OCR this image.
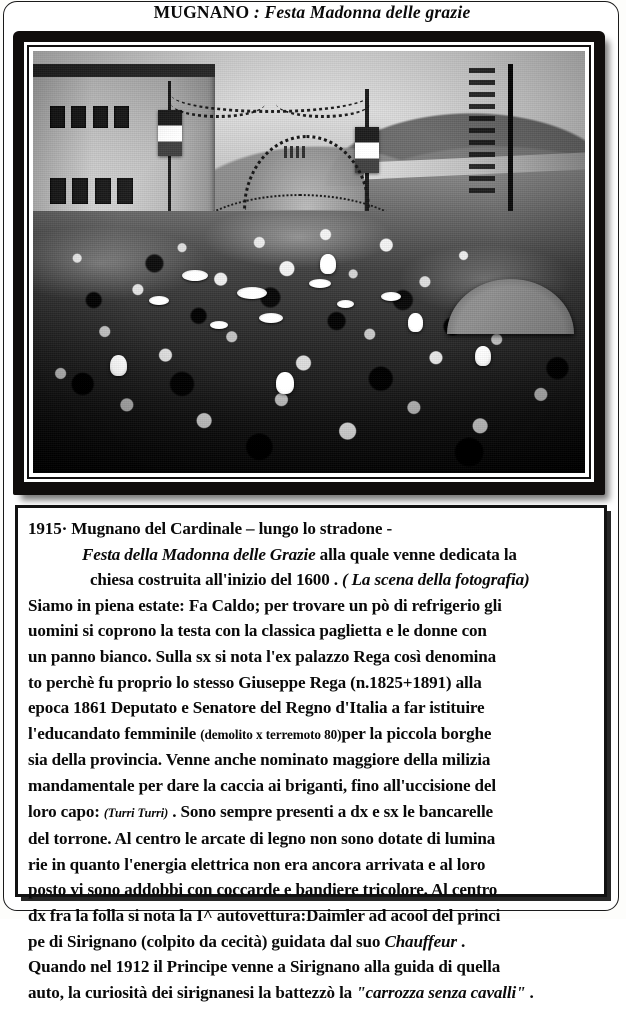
MUGNANO : Festa Madonna delle grazie
1915· Mugnano del Cardinale – lungo lo stradone -
Festa della Madonna delle Grazie alla quale venne dedicata la
chiesa costruita all'inizio del 1600 . ( La scena della fotografia)
Siamo in piena estate: Fa Caldo; per trovare un pò di refrigerio gli
uomini si coprono la testa con la classica paglietta e le donne con
un panno bianco. Sulla sx si nota l'ex palazzo Rega così denomina
to perchè fu proprio lo stesso Giuseppe Rega (n.1825+1891) alla
epoca 1861 Deputato e Senatore del Regno d'Italia a far istituire
l'educandato femminile (demolito x terremoto 80)per la piccola borghe
sia della provincia. Venne anche nominato maggiore della milizia
mandamentale per dare la caccia ai briganti, fino all'uccisione del
loro capo: (Turri Turri) . Sono sempre presenti a dx e sx le bancarelle
del torrone. Al centro le arcate di legno non sono dotate di lumina
rie in quanto l'energia elettrica non era ancora arrivata e al loro
posto vi sono addobbi con coccarde e bandiere tricolore. Al centro
dx fra la folla si nota la I^ autovettura:Daimler ad acool del princi
pe di Sirignano (colpito da cecità) guidata dal suo Chauffeur .
Quando nel 1912 il Principe venne a Sirignano alla guida di quella
auto, la curiosità dei sirignanesi la battezzò la "carrozza senza cavalli" .
